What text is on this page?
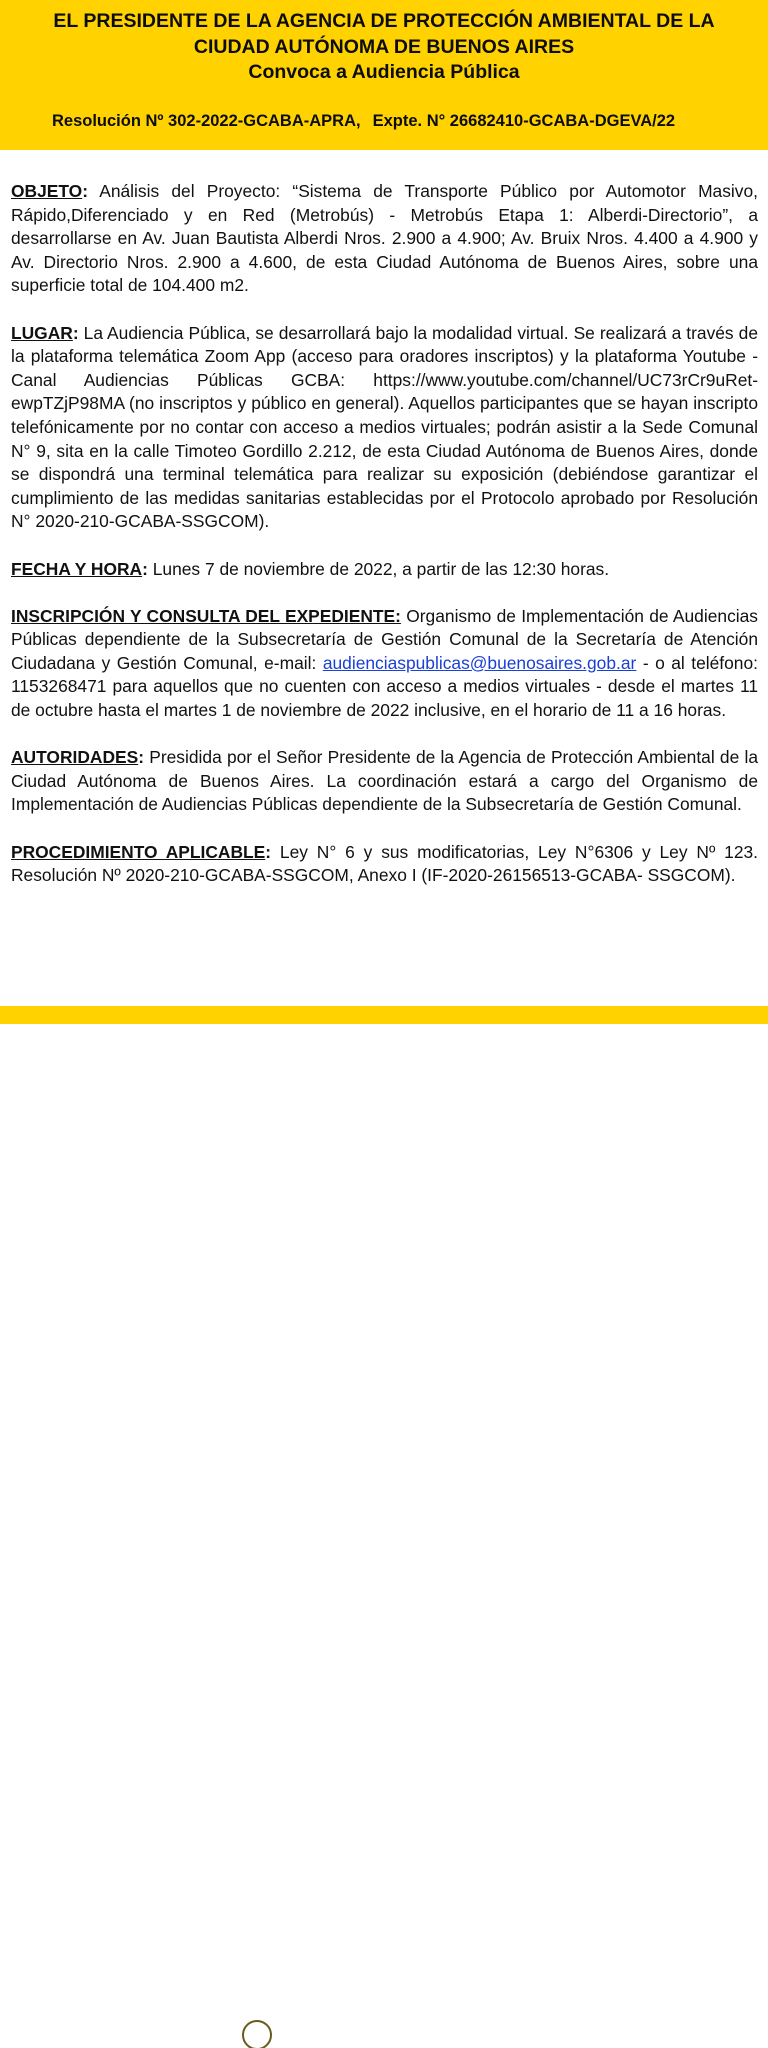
EL PRESIDENTE DE LA AGENCIA DE PROTECCIÓN AMBIENTAL DE LA
CIUDAD AUTÓNOMA DE BUENOS AIRES
Convoca a Audiencia Pública
Resolución Nº 302-2022-GCABA-APRA, Expte. N° 26682410-GCABA-DGEVA/22

OBJETO: Análisis del Proyecto: “Sistema de Transporte Público por Automotor Masivo, Rápido,Diferenciado y en Red (Metrobús) - Metrobús Etapa 1: Alberdi-Directorio”, a desarrollarse en Av. Juan Bautista Alberdi Nros. 2.900 a 4.900; Av. Bruix Nros. 4.400 a 4.900 y Av. Directorio Nros. 2.900 a 4.600, de esta Ciudad Autónoma de Buenos Aires, sobre una superficie total de 104.400 m2.

LUGAR: La Audiencia Pública, se desarrollará bajo la modalidad virtual. Se realizará a través de la plataforma telemática Zoom App (acceso para oradores inscriptos) y la plataforma Youtube - Canal Audiencias Públicas GCBA: https://www.youtube.com/channel/UC73rCr9uRet-ewpTZjP98MA (no inscriptos y público en general). Aquellos participantes que se hayan inscripto telefónicamente por no contar con acceso a medios virtuales; podrán asistir a la Sede Comunal N° 9, sita en la calle Timoteo Gordillo 2.212, de esta Ciudad Autónoma de Buenos Aires, donde se dispondrá una terminal telemática para realizar su exposición (debiéndose garantizar el cumplimiento de las medidas sanitarias establecidas por el Protocolo aprobado por Resolución N° 2020-210-GCABA-SSGCOM).

FECHA Y HORA: Lunes 7 de noviembre de 2022, a partir de las 12:30 horas.

INSCRIPCIÓN Y CONSULTA DEL EXPEDIENTE: Organismo de Implementación de Audiencias Públicas dependiente de la Subsecretaría de Gestión Comunal de la Secretaría de Atención Ciudadana y Gestión Comunal, e-mail: audienciaspublicas@buenosaires.gob.ar - o al teléfono: 1153268471 para aquellos que no cuenten con acceso a medios virtuales - desde el martes 11 de octubre hasta el martes 1 de noviembre de 2022 inclusive, en el horario de 11 a 16 horas.

AUTORIDADES: Presidida por el Señor Presidente de la Agencia de Protección Ambiental de la Ciudad Autónoma de Buenos Aires. La coordinación estará a cargo del Organismo de Implementación de Audiencias Públicas dependiente de la Subsecretaría de Gestión Comunal.

PROCEDIMIENTO APLICABLE: Ley N° 6 y sus modificatorias, Ley N°6306 y Ley Nº 123. Resolución Nº 2020-210-GCABA-SSGCOM, Anexo I (IF-2020-26156513-GCABA- SSGCOM).
